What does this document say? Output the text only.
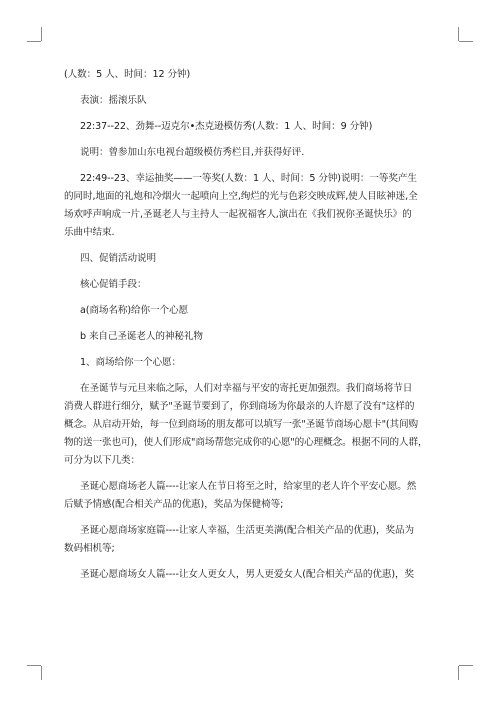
(人数：5 人、时间：12 分钟)
表演：摇滚乐队
22:37--22、劲舞--迈克尔•杰克逊模仿秀(人数：1 人、时间：9 分钟)
说明：曾参加山东电视台超级模仿秀栏目,并获得好评.
22:49--23、幸运抽奖——一等奖(人数：1 人、时间：5 分钟)说明：一等奖产生
的同时,地面的礼炮和冷烟火一起喷向上空,绚烂的光与色彩交映成辉,使人目眩神迷,全
场欢呼声响成一片,圣诞老人与主持人一起祝福客人,演出在《我们祝你圣诞快乐》的
乐曲中结束.
四、促销活动说明
核心促销手段：
a(商场名称)给你一个心愿
b 来自己圣诞老人的神秘礼物
1、商场给你一个心愿：
在圣诞节与元旦来临之际，人们对幸福与平安的寄托更加强烈。我们商场将节日
消费人群进行细分，赋予"圣诞节要到了，你到商场为你最亲的人许愿了没有"这样的
概念。从启动开始，每一位到商场的朋友都可以填写一张"圣诞节商场心愿卡"(其间购
物的送一张也可)，使人们形成"商场帮您完成你的心愿"的心理概念。根据不同的人群，
可分为以下几类：
圣诞心愿商场老人篇----让家人在节日将至之时，给家里的老人许个平安心愿。然
后赋予情感(配合相关产品的优惠)，奖品为保健椅等;
圣诞心愿商场家庭篇----让家人幸福，生活更美满(配合相关产品的优惠)，奖品为
数码相机等;
圣诞心愿商场女人篇----让女人更女人，男人更爱女人(配合相关产品的优惠)，奖
